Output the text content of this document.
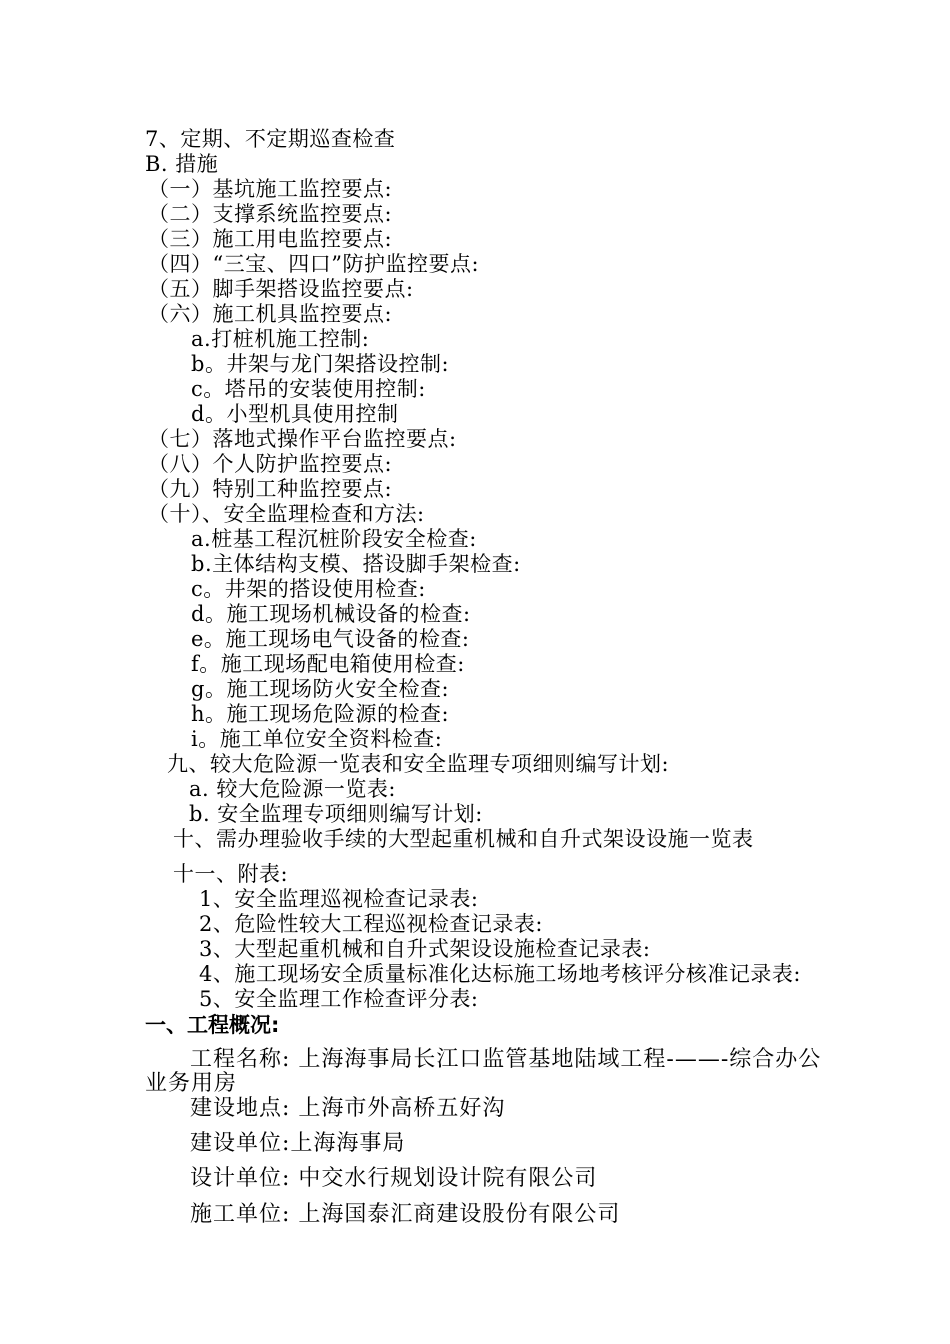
7、定期、不定期巡查检查
B. 措施
（一）基坑施工监控要点:
（二）支撑系统监控要点:
（三）施工用电监控要点:
（四）“三宝、四口”防护监控要点:
（五）脚手架搭设监控要点:
（六）施工机具监控要点:
a.打桩机施工控制:
b。井架与龙门架搭设控制:
c。塔吊的安装使用控制:
d。小型机具使用控制
（七）落地式操作平台监控要点:
（八）个人防护监控要点:
（九）特别工种监控要点:
（十）、安全监理检查和方法:
a.桩基工程沉桩阶段安全检查:
b.主体结构支模、搭设脚手架检查:
c。井架的搭设使用检查:
d。施工现场机械设备的检查:
e。施工现场电气设备的检查:
f。施工现场配电箱使用检查:
g。施工现场防火安全检查:
h。施工现场危险源的检查:
i。施工单位安全资料检查:
九、较大危险源一览表和安全监理专项细则编写计划:
a. 较大危险源一览表:
b. 安全监理专项细则编写计划:
十、需办理验收手续的大型起重机械和自升式架设设施一览表
十一、附表:
1、安全监理巡视检查记录表:
2、危险性较大工程巡视检查记录表:
3、大型起重机械和自升式架设设施检查记录表:
4、施工现场安全质量标准化达标施工场地考核评分核准记录表:
5、安全监理工作检查评分表:
一、工程概况:
工程名称: 上海海事局长江口监管基地陆域工程-——-综合办公
业务用房
建设地点: 上海市外高桥五好沟
建设单位:上海海事局
设计单位: 中交水行规划设计院有限公司
施工单位: 上海国泰汇商建设股份有限公司
